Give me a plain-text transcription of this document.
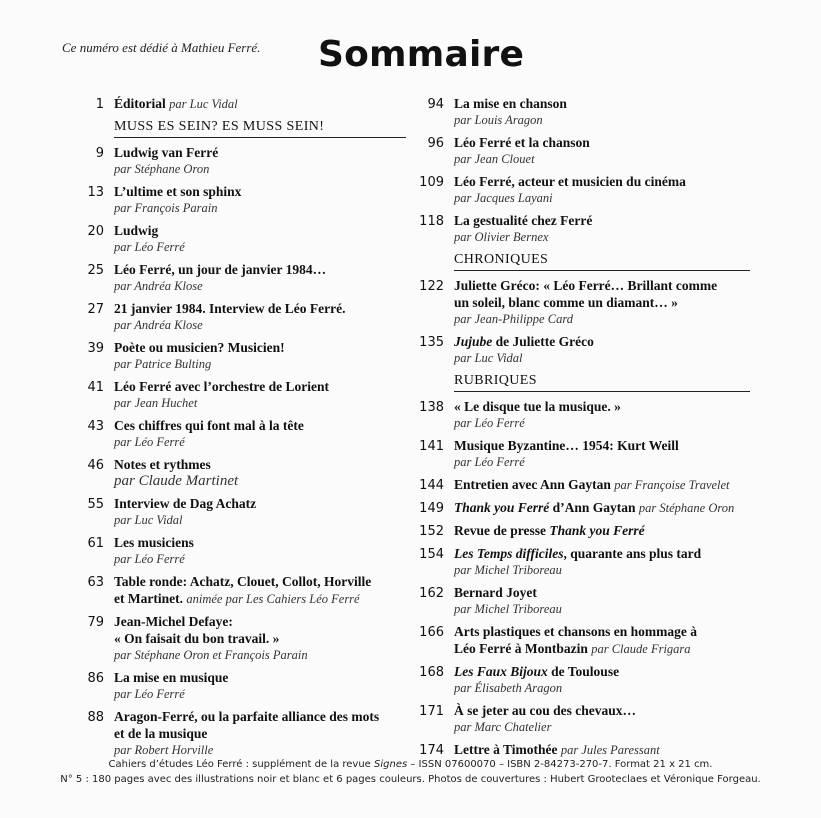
Ce numéro est dédié à Mathieu Ferré. Sommaire
1 Éditorial par Luc Vidal
MUSS ES SEIN? ES MUSS SEIN!
9 Ludwig van Ferré
par Stéphane Oron
13 L’ultime et son sphinx
par François Parain
20 Ludwig
par Léo Ferré
25 Léo Ferré, un jour de janvier 1984…
par Andréa Klose
27 21 janvier 1984. Interview de Léo Ferré.
par Andréa Klose
39 Poète ou musicien? Musicien!
par Patrice Bulting
41 Léo Ferré avec l’orchestre de Lorient
par Jean Huchet
43 Ces chiffres qui font mal à la tête
par Léo Ferré
46 Notes et rythmes
par Claude Martinet
55 Interview de Dag Achatz
par Luc Vidal
61 Les musiciens
par Léo Ferré
63 Table ronde: Achatz, Clouet, Collot, Horville
et Martinet. animée par Les Cahiers Léo Ferré
79 Jean-Michel Defaye:
« On faisait du bon travail. »
par Stéphane Oron et François Parain
86 La mise en musique
par Léo Ferré
88 Aragon-Ferré, ou la parfaite alliance des mots
et de la musique
par Robert Horville
94 La mise en chanson
par Louis Aragon
96 Léo Ferré et la chanson
par Jean Clouet
109 Léo Ferré, acteur et musicien du cinéma
par Jacques Layani
118 La gestualité chez Ferré
par Olivier Bernex
CHRONIQUES
122 Juliette Gréco: « Léo Ferré… Brillant comme
un soleil, blanc comme un diamant… »
par Jean-Philippe Card
135 Jujube de Juliette Gréco
par Luc Vidal
RUBRIQUES
138 « Le disque tue la musique. »
par Léo Ferré
141 Musique Byzantine… 1954: Kurt Weill
par Léo Ferré
144 Entretien avec Ann Gaytan par Françoise Travelet
149 Thank you Ferré d’Ann Gaytan par Stéphane Oron
152 Revue de presse Thank you Ferré
154 Les Temps difficiles, quarante ans plus tard
par Michel Triboreau
162 Bernard Joyet
par Michel Triboreau
166 Arts plastiques et chansons en hommage à
Léo Ferré à Montbazin par Claude Frigara
168 Les Faux Bijoux de Toulouse
par Élisabeth Aragon
171 À se jeter au cou des chevaux…
par Marc Chatelier
174 Lettre à Timothée par Jules Paressant
Cahiers d’études Léo Ferré : supplément de la revue Signes – ISSN 07600070 – ISBN 2-84273-270-7. Format 21 x 21 cm.
N° 5 : 180 pages avec des illustrations noir et blanc et 6 pages couleurs. Photos de couvertures : Hubert Grooteclaes et Véronique Forgeau.
